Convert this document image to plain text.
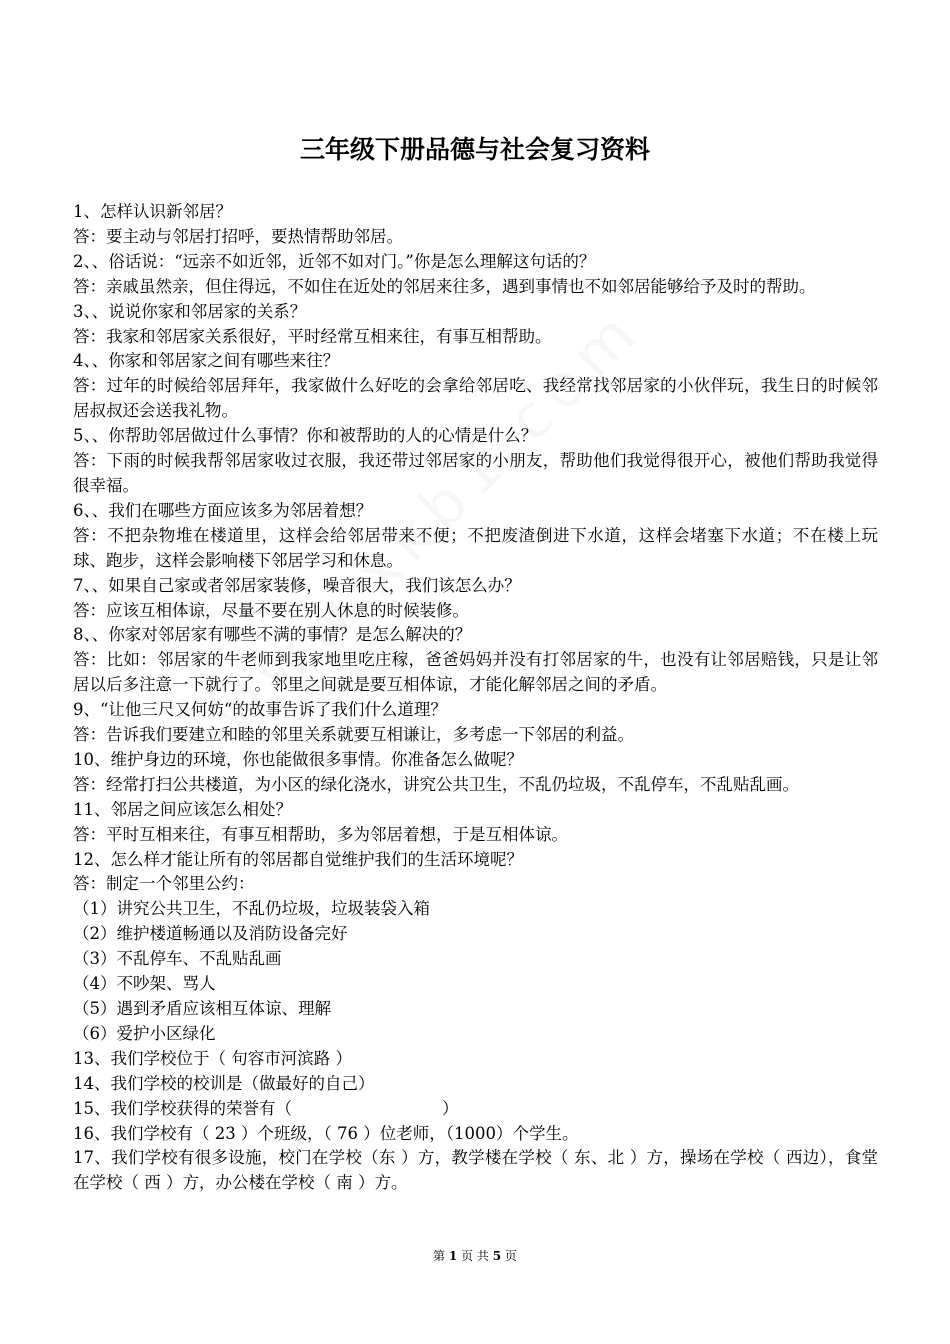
三年级下册品德与社会复习资料
1、怎样认识新邻居？
答：要主动与邻居打招呼，要热情帮助邻居。
2、、俗话说：“远亲不如近邻，近邻不如对门。”你是怎么理解这句话的？
答：亲戚虽然亲，但住得远，不如住在近处的邻居来往多，遇到事情也不如邻居能够给予及时的帮助。
3、、说说你家和邻居家的关系？
答：我家和邻居家关系很好，平时经常互相来往，有事互相帮助。
4、、你家和邻居家之间有哪些来往？
答：过年的时候给邻居拜年，我家做什么好吃的会拿给邻居吃、我经常找邻居家的小伙伴玩，我生日的时候邻居叔叔还会送我礼物。
5、、你帮助邻居做过什么事情？你和被帮助的人的心情是什么？
答：下雨的时候我帮邻居家收过衣服，我还带过邻居家的小朋友，帮助他们我觉得很开心，被他们帮助我觉得很幸福。
6、、我们在哪些方面应该多为邻居着想？
答：不把杂物堆在楼道里，这样会给邻居带来不便；不把废渣倒进下水道，这样会堵塞下水道；不在楼上玩球、跑步，这样会影响楼下邻居学习和休息。
7、、如果自己家或者邻居家装修，噪音很大，我们该怎么办？
答：应该互相体谅，尽量不要在别人休息的时候装修。
8、、你家对邻居家有哪些不满的事情？是怎么解决的？
答：比如：邻居家的牛老师到我家地里吃庄稼，爸爸妈妈并没有打邻居家的牛，也没有让邻居赔钱，只是让邻居以后多注意一下就行了。邻里之间就是要互相体谅，才能化解邻居之间的矛盾。
9、“让他三尺又何妨“的故事告诉了我们什么道理？
答：告诉我们要建立和睦的邻里关系就要互相谦让，多考虑一下邻居的利益。
10、维护身边的环境，你也能做很多事情。你准备怎么做呢？
答：经常打扫公共楼道，为小区的绿化浇水，讲究公共卫生，不乱仍垃圾，不乱停车，不乱贴乱画。
11、邻居之间应该怎么相处？
答：平时互相来往，有事互相帮助，多为邻居着想，于是互相体谅。
12、怎么样才能让所有的邻居都自觉维护我们的生活环境呢？
答：制定一个邻里公约：
（1）讲究公共卫生，不乱仍垃圾，垃圾装袋入箱
（2）维护楼道畅通以及消防设备完好
（3）不乱停车、不乱贴乱画
（4）不吵架、骂人
（5）遇到矛盾应该相互体谅、理解
（6）爱护小区绿化
13、我们学校位于（ 句容市河滨路 ）
14、我们学校的校训是（做最好的自己）
15、我们学校获得的荣誉有（	）
16、我们学校有（ 23 ）个班级，（ 76 ）位老师，（1000）个学生。
17、我们学校有很多设施，校门在学校（东 ）方，教学楼在学校（ 东、北 ）方，操场在学校（ 西边），食堂在学校（ 西 ）方，办公楼在学校（ 南 ）方。
第 1 页 共 5 页
